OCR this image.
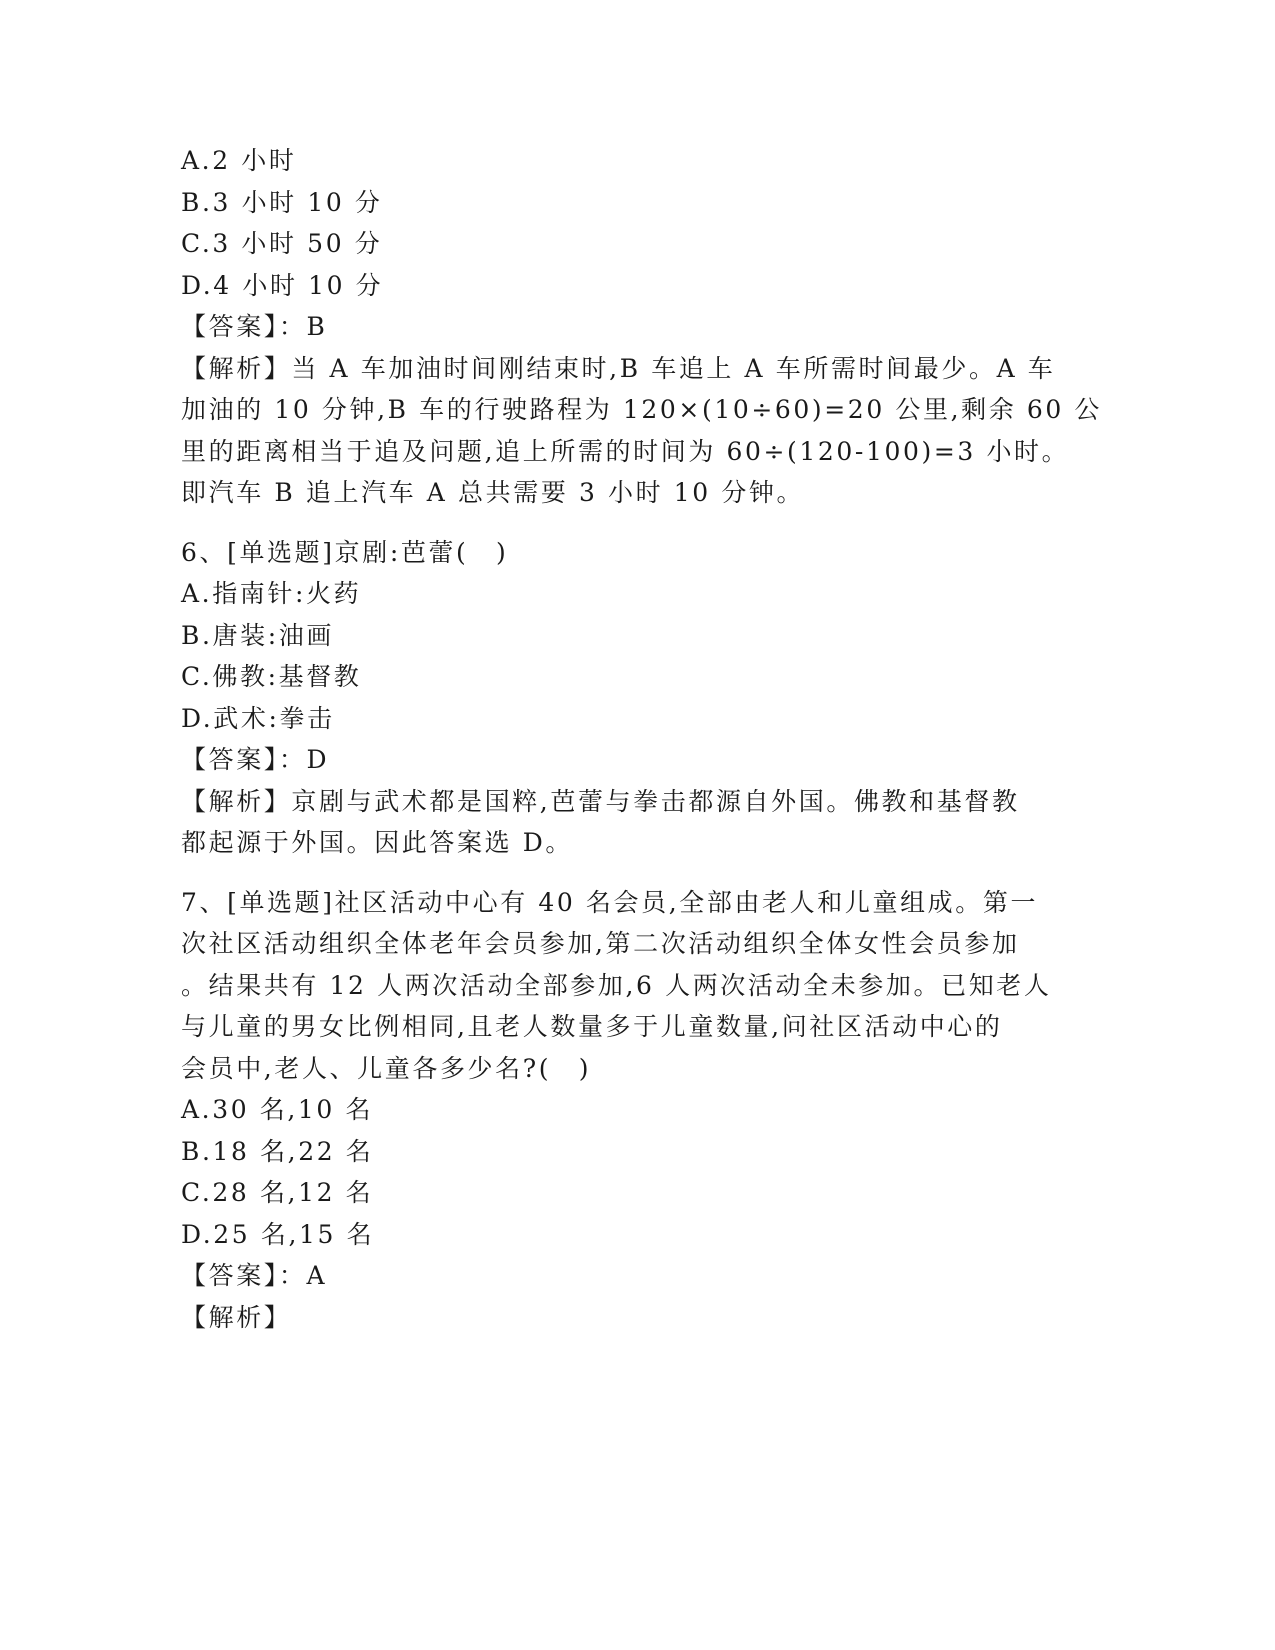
A.2 小时

B.3 小时 10 分

C.3 小时 50 分

D.4 小时 10 分

【答案】：B

【解析】当 A 车加油时间刚结束时,B 车追上 A 车所需时间最少。A 车

加油的 10 分钟,B 车的行驶路程为 120×(10÷60)=20 公里,剩余 60 公

里的距离相当于追及问题,追上所需的时间为 60÷(120-100)=3 小时。

即汽车 B 追上汽车 A 总共需要 3 小时 10 分钟。

6、[单选题]京剧:芭蕾(　)

A.指南针:火药

B.唐装:油画

C.佛教:基督教

D.武术:拳击

【答案】：D

【解析】京剧与武术都是国粹,芭蕾与拳击都源自外国。佛教和基督教

都起源于外国。因此答案选 D。

7、[单选题]社区活动中心有 40 名会员,全部由老人和儿童组成。第一

次社区活动组织全体老年会员参加,第二次活动组织全体女性会员参加

。结果共有 12 人两次活动全部参加,6 人两次活动全未参加。已知老人

与儿童的男女比例相同,且老人数量多于儿童数量,问社区活动中心的

会员中,老人、儿童各多少名?(　)

A.30 名,10 名

B.18 名,22 名

C.28 名,12 名

D.25 名,15 名

【答案】：A

【解析】
